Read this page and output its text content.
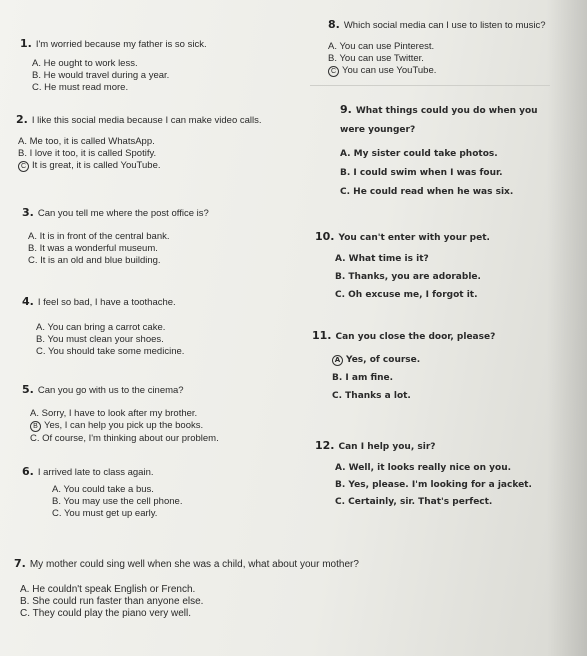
1. I'm worried because my father is so sick.
A. He ought to work less.
B. He would travel during a year.
C. He must read more.
2. I like this social media because I can make video calls.
A. Me too, it is called WhatsApp.
B. I love it too, it is called Spotify.
C It is great, it is called YouTube.
3. Can you tell me where the post office is?
A. It is in front of the central bank.
B. It was a wonderful museum.
C. It is an old and blue building.
4. I feel so bad, I have a toothache.
A. You can bring a carrot cake.
B. You must clean your shoes.
C. You should take some medicine.
5. Can you go with us to the cinema?
A. Sorry, I have to look after my brother.
B Yes, I can help you pick up the books.
C. Of course, I'm thinking about our problem.
6. I arrived late to class again.
A. You could take a bus.
B. You may use the cell phone.
C. You must get up early.
7. My mother could sing well when she was a child, what about your mother?
A. He couldn't speak English or French.
B. She could run faster than anyone else.
C. They could play the piano very well.
8. Which social media can I use to listen to music?
A. You can use Pinterest.
B. You can use Twitter.
C You can use YouTube.
9. What things could you do when you were younger?
A. My sister could take photos.
B. I could swim when I was four.
C. He could read when he was six.
10. You can't enter with your pet.
A. What time is it?
B. Thanks, you are adorable.
C. Oh excuse me, I forgot it.
11. Can you close the door, please?
A Yes, of course.
B. I am fine.
C. Thanks a lot.
12. Can I help you, sir?
A. Well, it looks really nice on you.
B. Yes, please. I'm looking for a jacket.
C. Certainly, sir. That's perfect.
